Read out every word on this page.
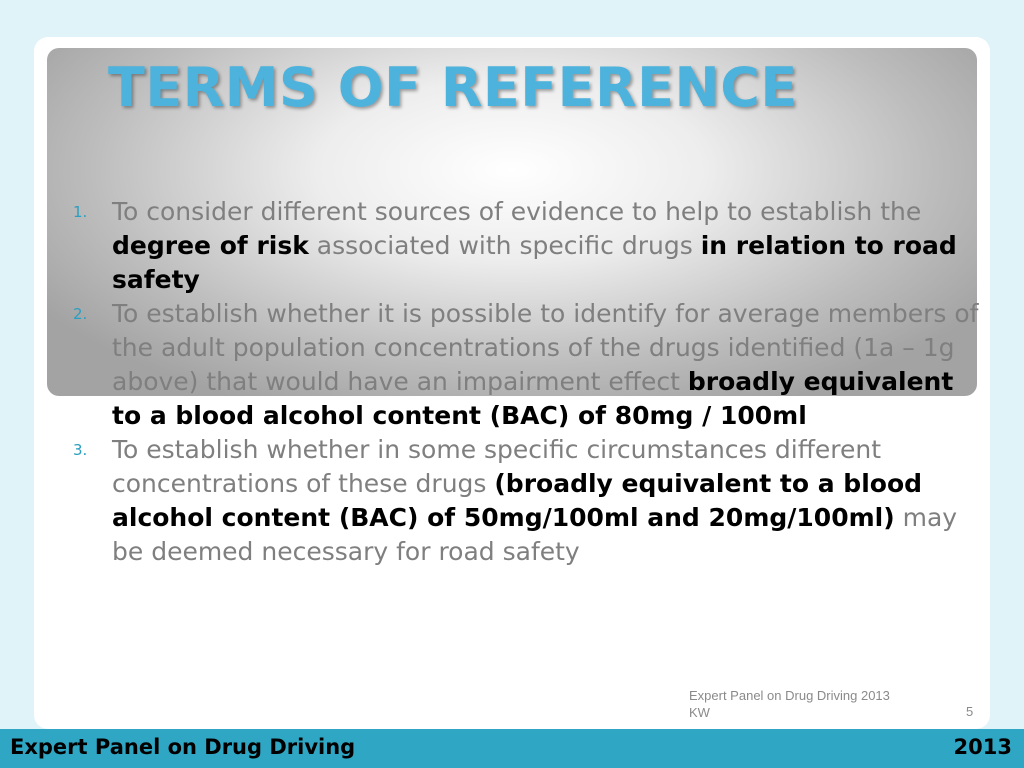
TERMS OF REFERENCE

1. To consider different sources of evidence to help to establish the degree of risk associated with specific drugs in relation to road safety

2. To establish whether it is possible to identify for average members of the adult population concentrations of the drugs identified (1a – 1g above) that would have an impairment effect broadly equivalent to a blood alcohol content (BAC) of 80mg / 100ml

3. To establish whether in some specific circumstances different concentrations of these drugs (broadly equivalent to a blood alcohol content (BAC) of 50mg/100ml and 20mg/100ml) may be deemed necessary for road safety

Expert Panel on Drug Driving 2013
KW	5
Expert Panel on Drug Driving	2013
